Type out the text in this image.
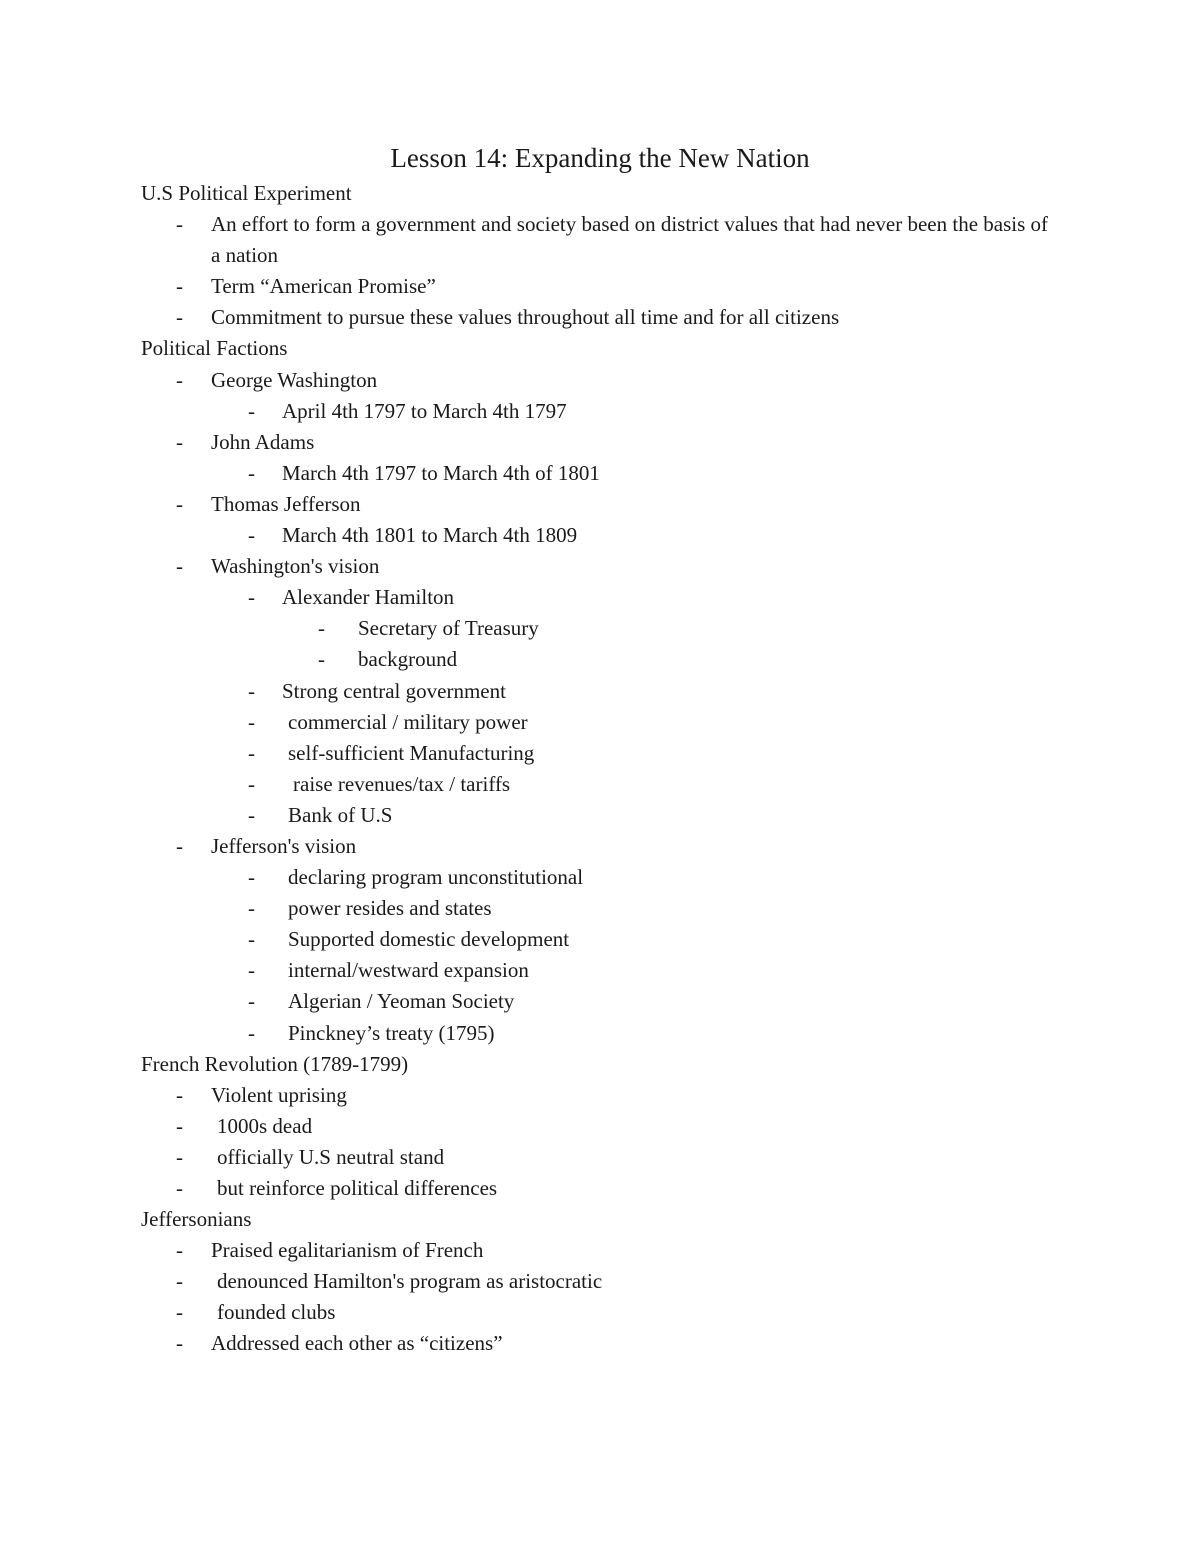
Lesson 14: Expanding the New Nation

U.S Political Experiment

- An effort to form a government and society based on district values that had never been the basis of a nation
- Term “American Promise”
- Commitment to pursue these values throughout all time and for all citizens

Political Factions

- George Washington
- April 4th 1797 to March 4th 1797
- John Adams
- March 4th 1797 to March 4th of 1801
- Thomas Jefferson
- March 4th 1801 to March 4th 1809
- Washington's vision
- Alexander Hamilton
- Secretary of Treasury
- background
- Strong central government
- commercial / military power
- self-sufficient Manufacturing
- raise revenues/tax / tariffs
- Bank of U.S
- Jefferson's vision
- declaring program unconstitutional
- power resides and states
- Supported domestic development
- internal/westward expansion
- Algerian / Yeoman Society
- Pinckney’s treaty (1795)

French Revolution (1789-1799)

- Violent uprising
- 1000s dead
- officially U.S neutral stand
- but reinforce political differences

Jeffersonians

- Praised egalitarianism of French
- denounced Hamilton's program as aristocratic
- founded clubs
- Addressed each other as “citizens”
